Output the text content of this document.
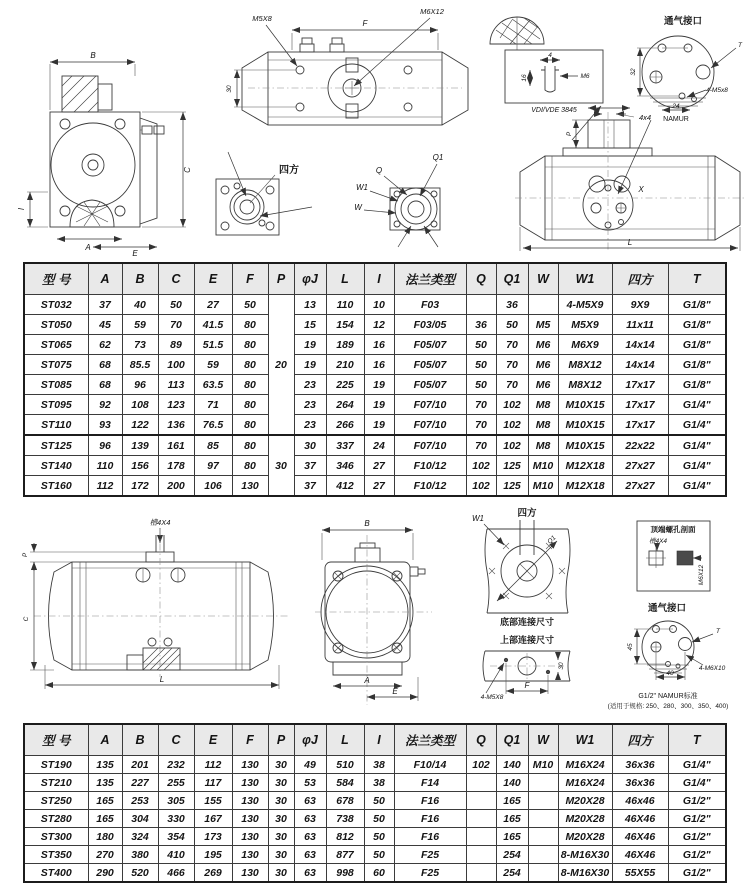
B
C
I
A
E
F
M5X8
M6X12
30
四方	Q
Q1
W1
W
4
M6
16
VDI/VDE 3845
通气接口
32
24
NAMUR
T
4-M5x8
4x4
P
X
L
型 号	A	B	C	E	F	P	φJ	L	I	法兰类型	Q	Q1	W	W1	四方	T
ST032	37	40	50	27	50	20	13	110	10	F03		36		4-M5X9	9X9	G1/8"
ST050	45	59	70	41.5	80		15	154	12	F03/05	36	50	M5	M5X9	11x11	G1/8"
ST065	62	73	89	51.5	80		19	189	16	F05/07	50	70	M6	M6X9	14x14	G1/8"
ST075	68	85.5	100	59	80		19	210	16	F05/07	50	70	M6	M8X12	14x14	G1/8"
ST085	68	96	113	63.5	80		23	225	19	F05/07	50	70	M6	M8X12	17x17	G1/8"
ST095	92	108	123	71	80		23	264	19	F07/10	70	102	M8	M10X15	17x17	G1/4"
ST110	93	122	136	76.5	80		23	266	19	F07/10	70	102	M8	M10X15	17x17	G1/4"
ST125	96	139	161	85	80	30	30	337	24	F07/10	70	102	M8	M10X15	22x22	G1/4"
ST140	110	156	178	97	80		37	346	27	F10/12	102	125	M10	M12X18	27x27	G1/4"
ST160	112	172	200	106	130		37	412	27	F10/12	102	125	M10	M12X18	27x27	G1/4"
槽4X4
P
C
L
B
A
E
四方
Q1
W1
底部连接尺寸
上部连接尺寸
30
F
4-M5X8
顶端螺孔剖面
槽4X4
M6X12
通气接口
45
40
T
4-M6X10
G1/2" NAMUR标准
(适用于规格: 250、280、300、350、400)
型 号	A	B	C	E	F	P	φJ	L	I	法兰类型	Q	Q1	W	W1	四方	T
ST190	135	201	232	112	130	30	49	510	38	F10/14	102	140	M10	M16X24	36x36	G1/4"
ST210	135	227	255	117	130	30	53	584	38	F14		140		M16X24	36x36	G1/4"
ST250	165	253	305	155	130	30	63	678	50	F16		165		M20X28	46x46	G1/2"
ST280	165	304	330	167	130	30	63	738	50	F16		165		M20X28	46X46	G1/2"
ST300	180	324	354	173	130	30	63	812	50	F16		165		M20X28	46X46	G1/2"
ST350	270	380	410	195	130	30	63	877	50	F25		254		8-M16X30	46X46	G1/2"
ST400	290	520	466	269	130	30	63	998	60	F25		254		8-M16X30	55X55	G1/2"
